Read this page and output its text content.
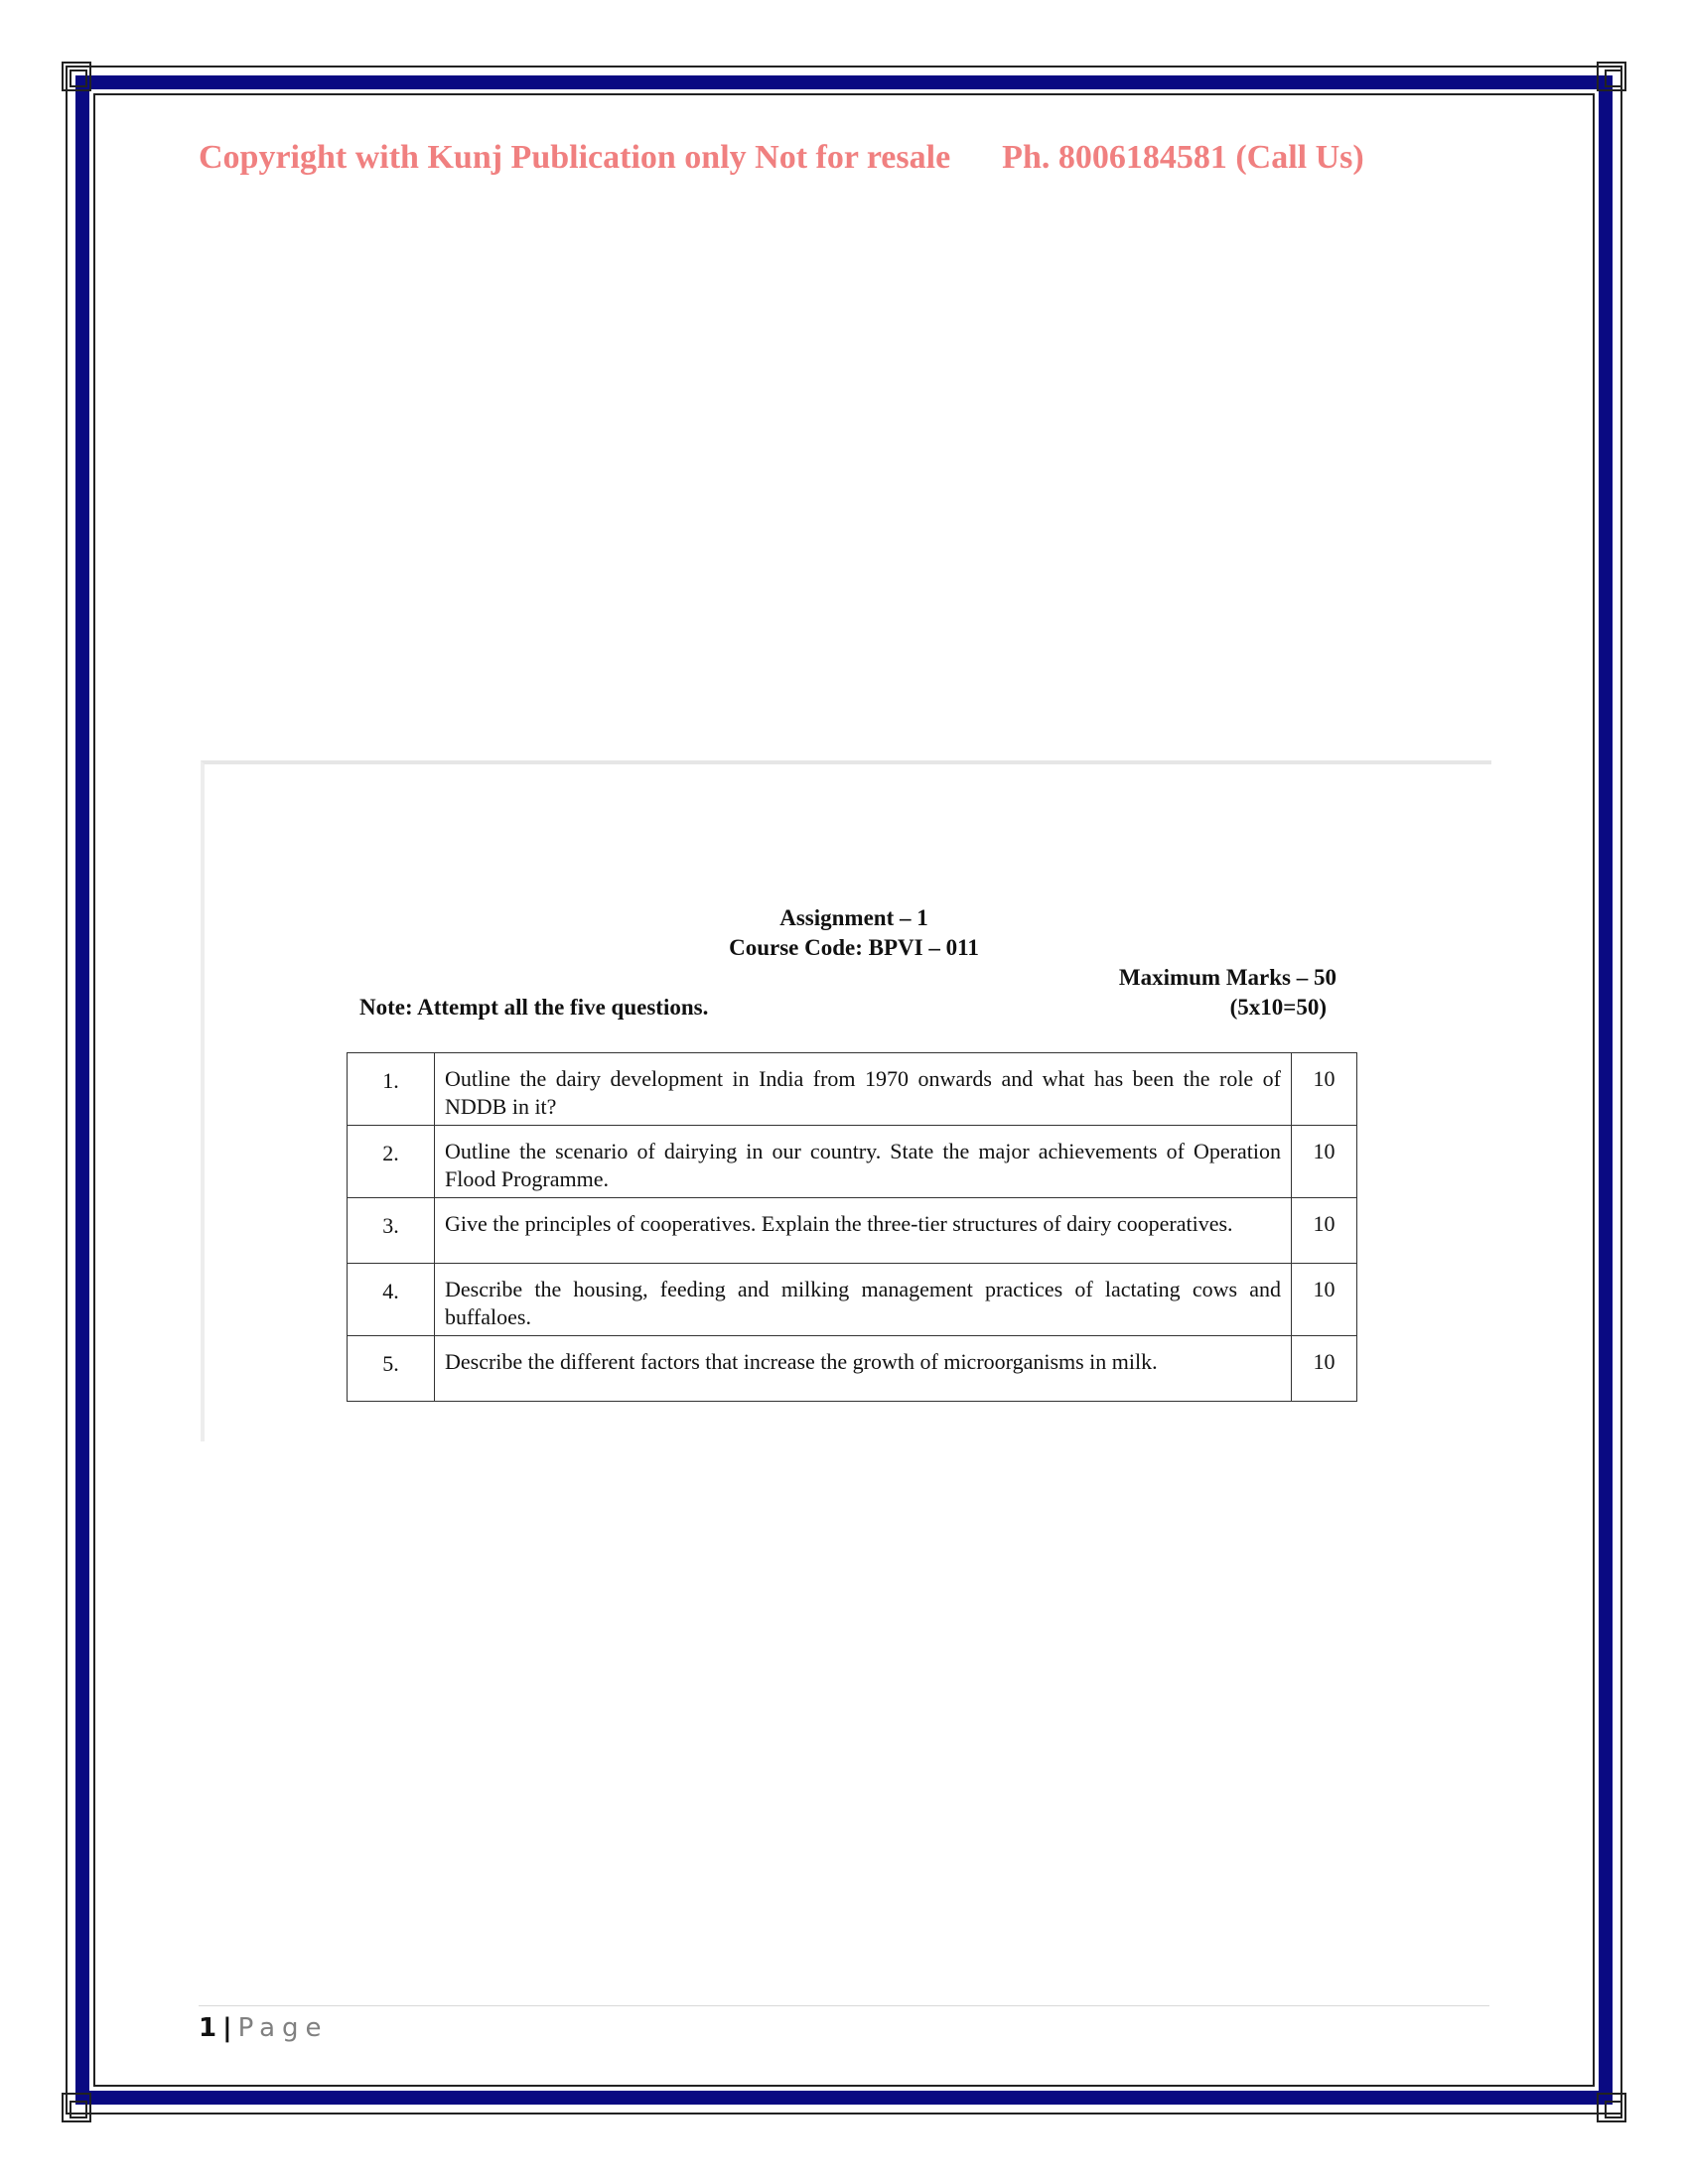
Copyright with Kunj Publication only Not for resale Ph. 8006184581 (Call Us)
Assignment – 1
Course Code: BPVI – 011
Maximum Marks – 50
Note: Attempt all the five questions.	(5x10=50)
1.	Outline the dairy development in India from 1970 onwards and what has been the role of NDDB in it?	10
2.	Outline the scenario of dairying in our country. State the major achievements of Operation Flood Programme.	10
3.	Give the principles of cooperatives. Explain the three-tier structures of dairy cooperatives.	10
4.	Describe the housing, feeding and milking management practices of lactating cows and buffaloes.	10
5.	Describe the different factors that increase the growth of microorganisms in milk.	10
1 | Page
